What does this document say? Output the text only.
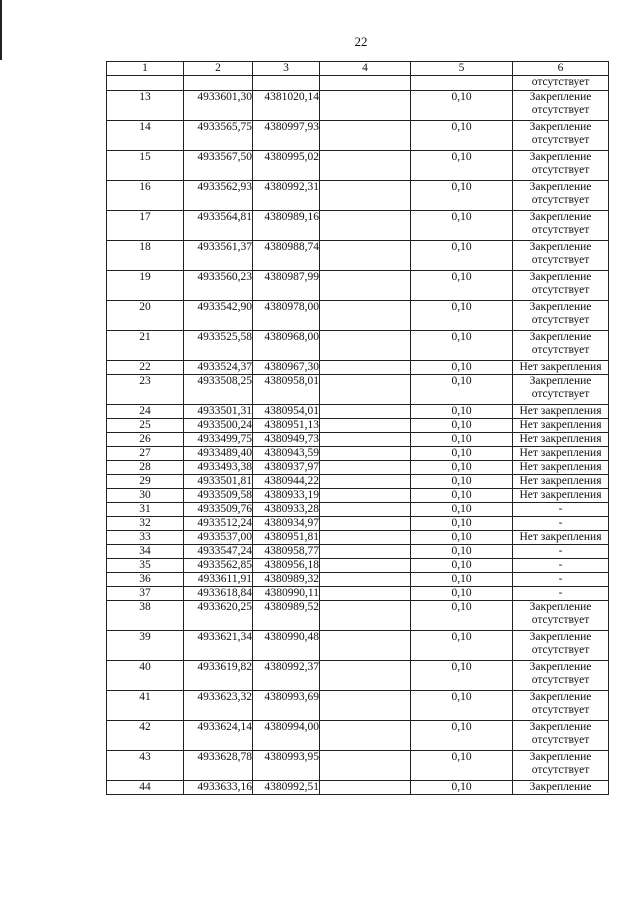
22
1	2	3	4	5	6
					отсутствует
13	4933601,30	4381020,14		0,10	Закрепление отсутствует
14	4933565,75	4380997,93		0,10	Закрепление отсутствует
15	4933567,50	4380995,02		0,10	Закрепление отсутствует
16	4933562,93	4380992,31		0,10	Закрепление отсутствует
17	4933564,81	4380989,16		0,10	Закрепление отсутствует
18	4933561,37	4380988,74		0,10	Закрепление отсутствует
19	4933560,23	4380987,99		0,10	Закрепление отсутствует
20	4933542,90	4380978,00		0,10	Закрепление отсутствует
21	4933525,58	4380968,00		0,10	Закрепление отсутствует
22	4933524,37	4380967,30		0,10	Нет закрепления
23	4933508,25	4380958,01		0,10	Закрепление отсутствует
24	4933501,31	4380954,01		0,10	Нет закрепления
25	4933500,24	4380951,13		0,10	Нет закрепления
26	4933499,75	4380949,73		0,10	Нет закрепления
27	4933489,40	4380943,59		0,10	Нет закрепления
28	4933493,38	4380937,97		0,10	Нет закрепления
29	4933501,81	4380944,22		0,10	Нет закрепления
30	4933509,58	4380933,19		0,10	Нет закрепления
31	4933509,76	4380933,28		0,10	-
32	4933512,24	4380934,97		0,10	-
33	4933537,00	4380951,81		0,10	Нет закрепления
34	4933547,24	4380958,77		0,10	-
35	4933562,85	4380956,18		0,10	-
36	4933611,91	4380989,32		0,10	-
37	4933618,84	4380990,11		0,10	-
38	4933620,25	4380989,52		0,10	Закрепление отсутствует
39	4933621,34	4380990,48		0,10	Закрепление отсутствует
40	4933619,82	4380992,37		0,10	Закрепление отсутствует
41	4933623,32	4380993,69		0,10	Закрепление отсутствует
42	4933624,14	4380994,00		0,10	Закрепление отсутствует
43	4933628,78	4380993,95		0,10	Закрепление отсутствует
44	4933633,16	4380992,51		0,10	Закрепление
